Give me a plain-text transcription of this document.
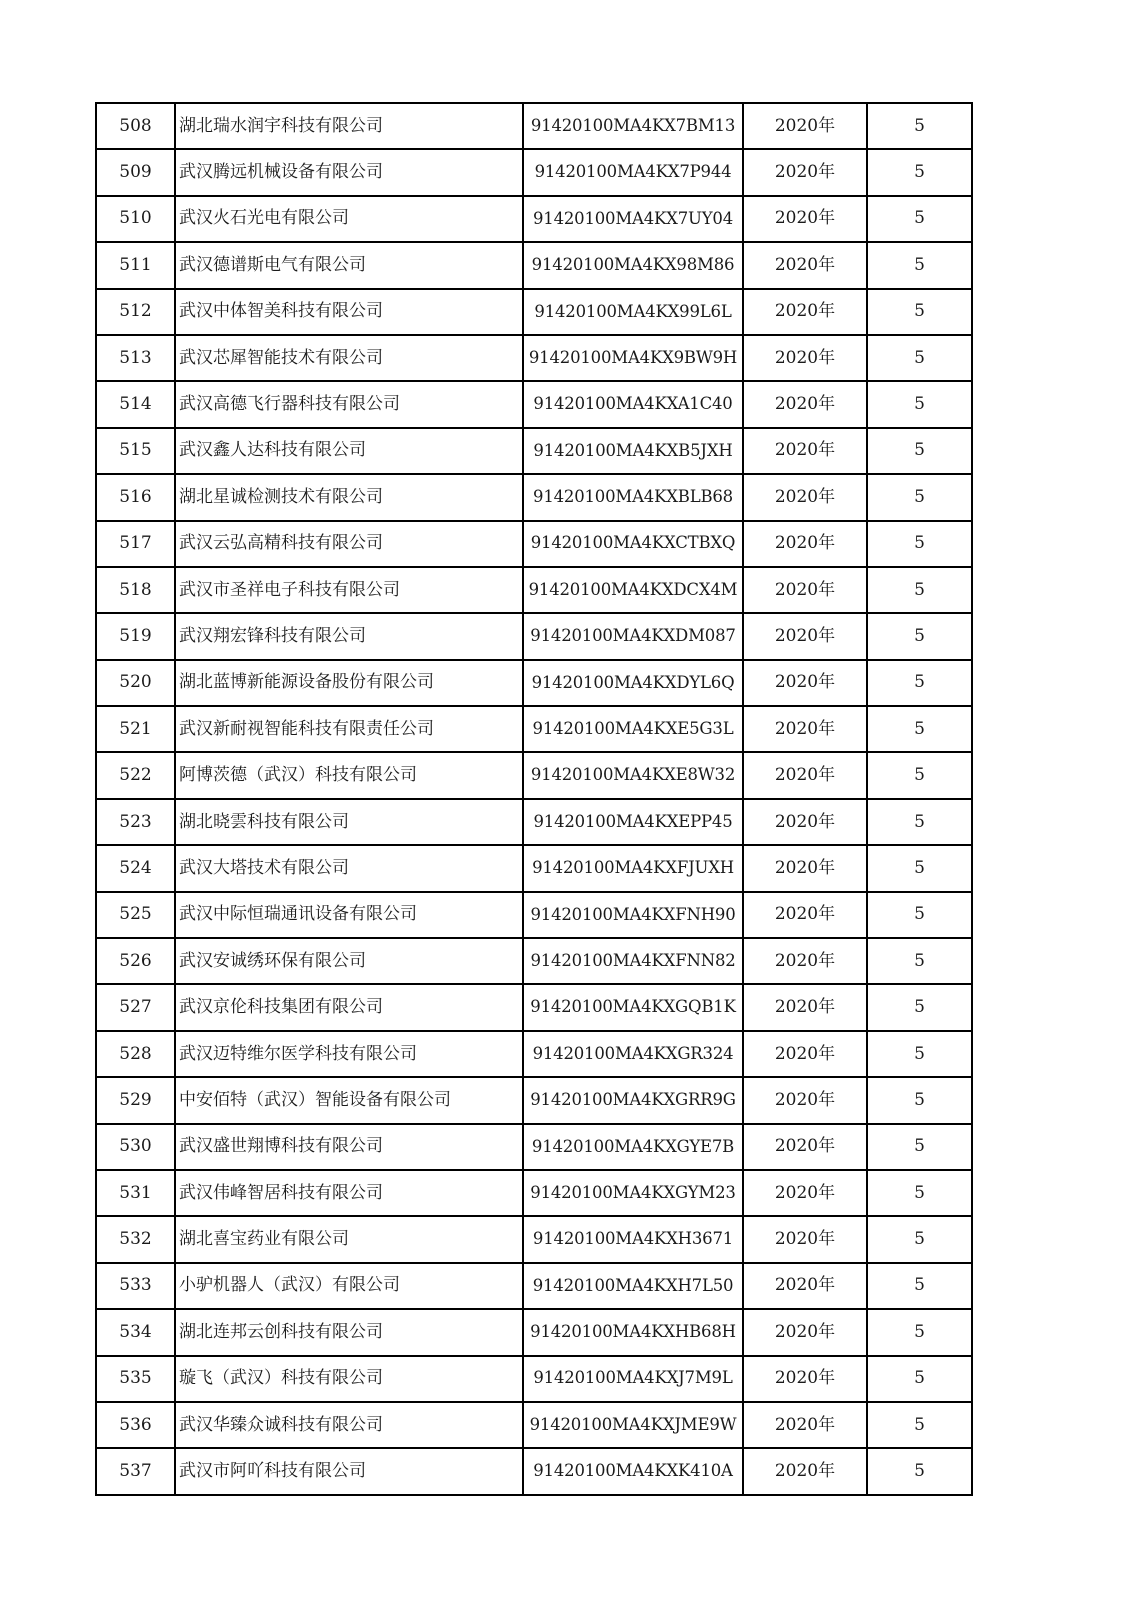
508	湖北瑞水润宇科技有限公司	91420100MA4KX7BM13	2020年	5
509	武汉腾远机械设备有限公司	91420100MA4KX7P944	2020年	5
510	武汉火石光电有限公司	91420100MA4KX7UY04	2020年	5
511	武汉德谱斯电气有限公司	91420100MA4KX98M86	2020年	5
512	武汉中体智美科技有限公司	91420100MA4KX99L6L	2020年	5
513	武汉芯犀智能技术有限公司	91420100MA4KX9BW9H	2020年	5
514	武汉高德飞行器科技有限公司	91420100MA4KXA1C40	2020年	5
515	武汉鑫人达科技有限公司	91420100MA4KXB5JXH	2020年	5
516	湖北星诚检测技术有限公司	91420100MA4KXBLB68	2020年	5
517	武汉云弘高精科技有限公司	91420100MA4KXCTBXQ	2020年	5
518	武汉市圣祥电子科技有限公司	91420100MA4KXDCX4M	2020年	5
519	武汉翔宏锋科技有限公司	91420100MA4KXDM087	2020年	5
520	湖北蓝博新能源设备股份有限公司	91420100MA4KXDYL6Q	2020年	5
521	武汉新耐视智能科技有限责任公司	91420100MA4KXE5G3L	2020年	5
522	阿博茨德（武汉）科技有限公司	91420100MA4KXE8W32	2020年	5
523	湖北晓雲科技有限公司	91420100MA4KXEPP45	2020年	5
524	武汉大塔技术有限公司	91420100MA4KXFJUXH	2020年	5
525	武汉中际恒瑞通讯设备有限公司	91420100MA4KXFNH90	2020年	5
526	武汉安诚绣环保有限公司	91420100MA4KXFNN82	2020年	5
527	武汉京伦科技集团有限公司	91420100MA4KXGQB1K	2020年	5
528	武汉迈特维尔医学科技有限公司	91420100MA4KXGR324	2020年	5
529	中安佰特（武汉）智能设备有限公司	91420100MA4KXGRR9G	2020年	5
530	武汉盛世翔博科技有限公司	91420100MA4KXGYE7B	2020年	5
531	武汉伟峰智居科技有限公司	91420100MA4KXGYM23	2020年	5
532	湖北喜宝药业有限公司	91420100MA4KXH3671	2020年	5
533	小驴机器人（武汉）有限公司	91420100MA4KXH7L50	2020年	5
534	湖北连邦云创科技有限公司	91420100MA4KXHB68H	2020年	5
535	璇飞（武汉）科技有限公司	91420100MA4KXJ7M9L	2020年	5
536	武汉华臻众诚科技有限公司	91420100MA4KXJME9W	2020年	5
537	武汉市阿吖科技有限公司	91420100MA4KXK410A	2020年	5
